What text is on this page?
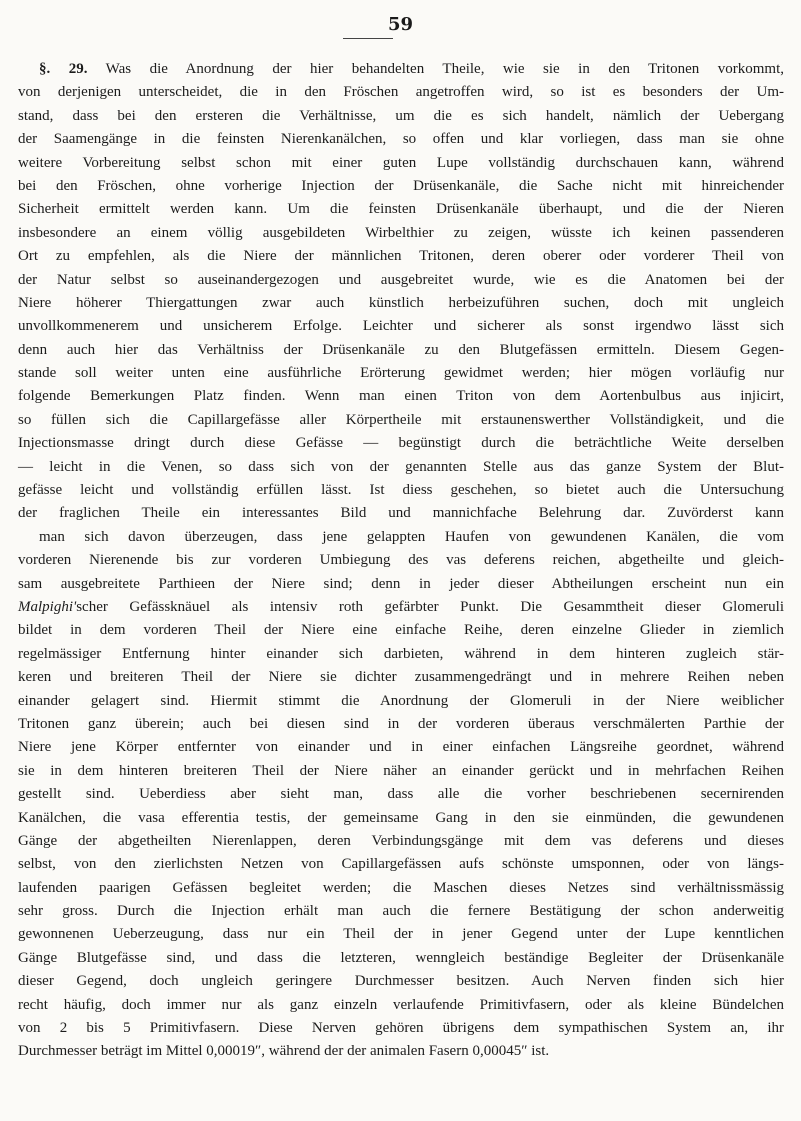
59
§. 29. Was die Anordnung der hier behandelten Theile, wie sie in den Tritonen vorkommt,
von derjenigen unterscheidet, die in den Fröschen angetroffen wird, so ist es besonders der Um-
stand, dass bei den ersteren die Verhältnisse, um die es sich handelt, nämlich der Uebergang
der Saamengänge in die feinsten Nierenkanälchen, so offen und klar vorliegen, dass man sie ohne
weitere Vorbereitung selbst schon mit einer guten Lupe vollständig durchschauen kann, während
bei den Fröschen, ohne vorherige Injection der Drüsenkanäle, die Sache nicht mit hinreichender
Sicherheit ermittelt werden kann. Um die feinsten Drüsenkanäle überhaupt, und die der Nieren
insbesondere an einem völlig ausgebildeten Wirbelthier zu zeigen, wüsste ich keinen passenderen
Ort zu empfehlen, als die Niere der männlichen Tritonen, deren oberer oder vorderer Theil von
der Natur selbst so auseinandergezogen und ausgebreitet wurde, wie es die Anatomen bei der
Niere höherer Thiergattungen zwar auch künstlich herbeizuführen suchen, doch mit ungleich
unvollkommenerem und unsicherem Erfolge. Leichter und sicherer als sonst irgendwo lässt sich
denn auch hier das Verhältniss der Drüsenkanäle zu den Blutgefässen ermitteln. Diesem Gegen-
stande soll weiter unten eine ausführliche Erörterung gewidmet werden; hier mögen vorläufig nur
folgende Bemerkungen Platz finden. Wenn man einen Triton von dem Aortenbulbus aus injicirt,
so füllen sich die Capillargefässe aller Körpertheile mit erstaunenswerther Vollständigkeit, und die
Injectionsmasse dringt durch diese Gefässe — begünstigt durch die beträchtliche Weite derselben
— leicht in die Venen, so dass sich von der genannten Stelle aus das ganze System der Blut-
gefässe leicht und vollständig erfüllen lässt. Ist diess geschehen, so bietet auch die Untersuchung
der fraglichen Theile ein interessantes Bild und mannichfache Belehrung dar. Zuvörderst kann
man sich davon überzeugen, dass jene gelappten Haufen von gewundenen Kanälen, die vom
vorderen Nierenende bis zur vorderen Umbiegung des vas deferens reichen, abgetheilte und gleich-
sam ausgebreitete Parthieen der Niere sind; denn in jeder dieser Abtheilungen erscheint nun ein
Malpighi'scher Gefässknäuel als intensiv roth gefärbter Punkt. Die Gesammtheit dieser Glomeruli
bildet in dem vorderen Theil der Niere eine einfache Reihe, deren einzelne Glieder in ziemlich
regelmässiger Entfernung hinter einander sich darbieten, während in dem hinteren zugleich stär-
keren und breiteren Theil der Niere sie dichter zusammengedrängt und in mehrere Reihen neben
einander gelagert sind. Hiermit stimmt die Anordnung der Glomeruli in der Niere weiblicher
Tritonen ganz überein; auch bei diesen sind in der vorderen überaus verschmälerten Parthie der
Niere jene Körper entfernter von einander und in einer einfachen Längsreihe geordnet, während
sie in dem hinteren breiteren Theil der Niere näher an einander gerückt und in mehrfachen Reihen
gestellt sind. Ueberdiess aber sieht man, dass alle die vorher beschriebenen secernirenden
Kanälchen, die vasa efferentia testis, der gemeinsame Gang in den sie einmünden, die gewundenen
Gänge der abgetheilten Nierenlappen, deren Verbindungsgänge mit dem vas deferens und dieses
selbst, von den zierlichsten Netzen von Capillargefässen aufs schönste umsponnen, oder von längs-
laufenden paarigen Gefässen begleitet werden; die Maschen dieses Netzes sind verhältnissmässig
sehr gross. Durch die Injection erhält man auch die fernere Bestätigung der schon anderweitig
gewonnenen Ueberzeugung, dass nur ein Theil der in jener Gegend unter der Lupe kenntlichen
Gänge Blutgefässe sind, und dass die letzteren, wenngleich beständige Begleiter der Drüsenkanäle
dieser Gegend, doch ungleich geringere Durchmesser besitzen. Auch Nerven finden sich hier
recht häufig, doch immer nur als ganz einzeln verlaufende Primitivfasern, oder als kleine Bündelchen
von 2 bis 5 Primitivfasern. Diese Nerven gehören übrigens dem sympathischen System an, ihr
Durchmesser beträgt im Mittel 0,00019″, während der der animalen Fasern 0,00045″ ist.
